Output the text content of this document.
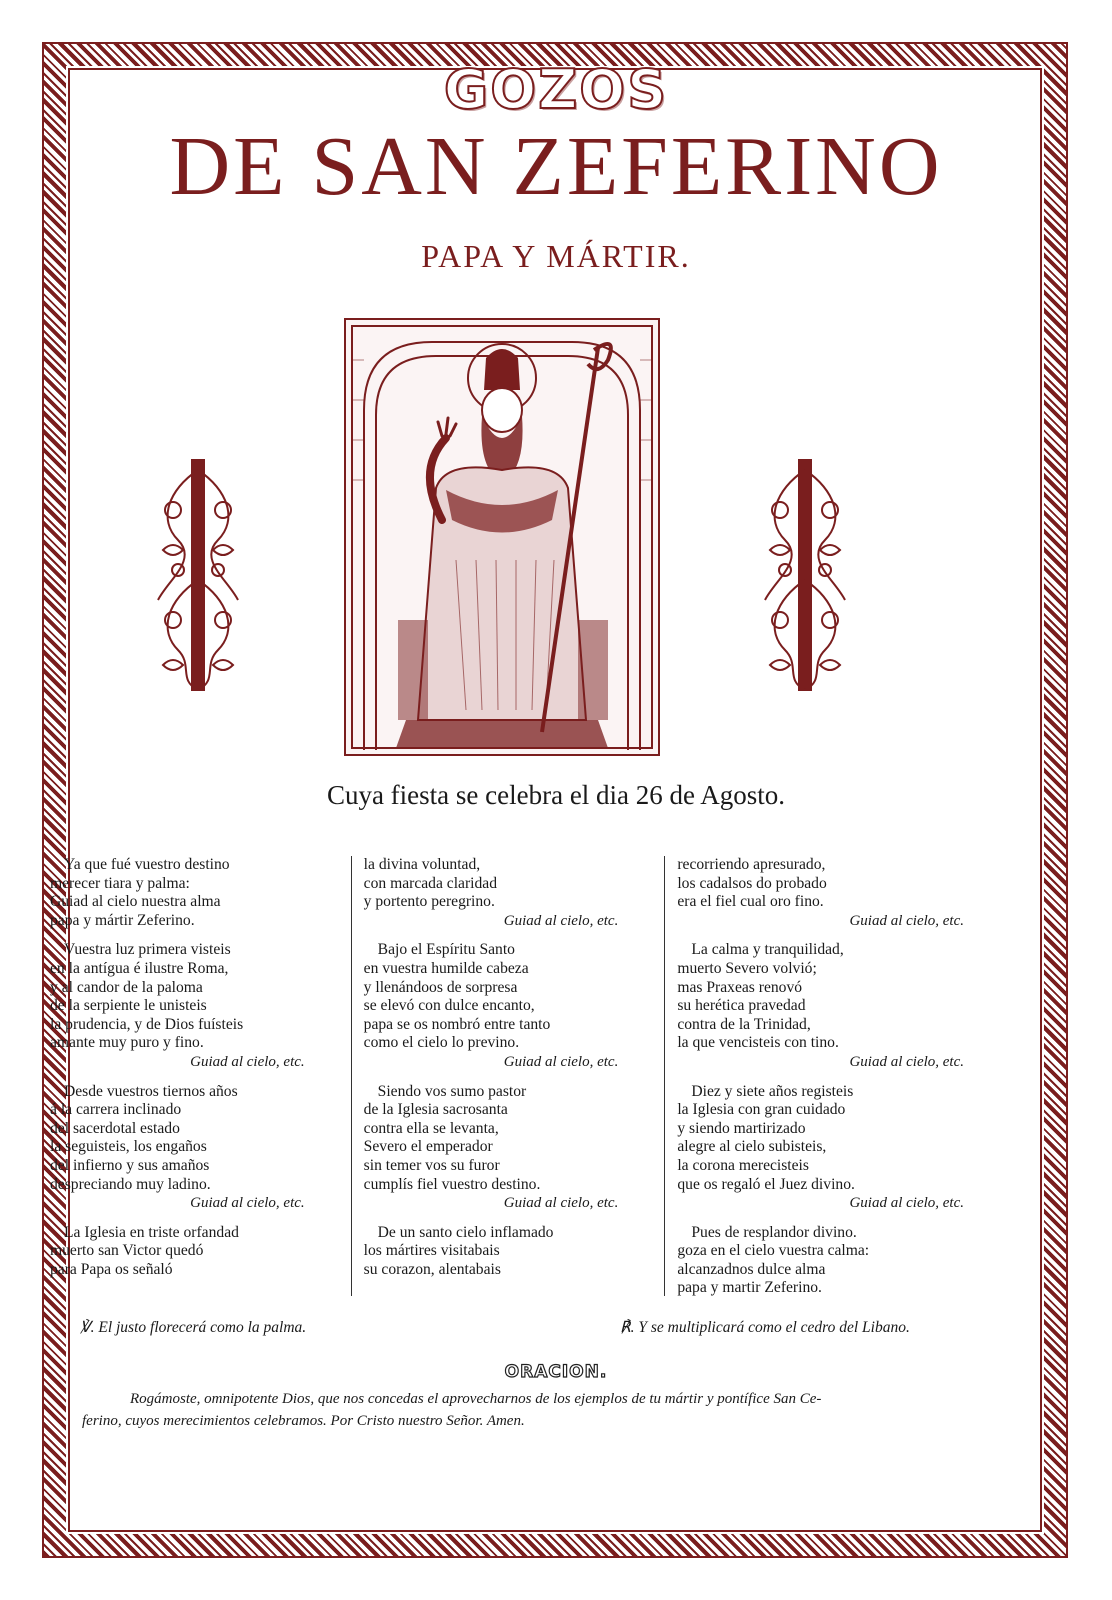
GOZOS
DE SAN ZEFERINO
PAPA Y MÁRTIR.
Cuya fiesta se celebra el dia 26 de Agosto.
Ya que fué vuestro destino
merecer tiara y palma:
Guiad al cielo nuestra alma
papa y mártir Zeferino.
Vuestra luz primera visteis
en la antígua é ilustre Roma,
y al candor de la paloma
de la serpiente le unisteis
la prudencia, y de Dios fuísteis
amante muy puro y fino.
Guiad al cielo, etc.
Desde vuestros tiernos años
á la carrera inclinado
del sacerdotal estado
la seguisteis, los engaños
del infierno y sus amaños
despreciando muy ladino.
Guiad al cielo, etc.
La Iglesia en triste orfandad
muerto san Victor quedó
para Papa os señaló
la divina voluntad,
con marcada claridad
y portento peregrino.
Guiad al cielo, etc.
Bajo el Espíritu Santo
en vuestra humilde cabeza
y llenándoos de sorpresa
se elevó con dulce encanto,
papa se os nombró entre tanto
como el cielo lo previno.
Guiad al cielo, etc.
Siendo vos sumo pastor
de la Iglesia sacrosanta
contra ella se levanta,
Severo el emperador
sin temer vos su furor
cumplís fiel vuestro destino.
Guiad al cielo, etc.
De un santo cielo inflamado
los mártires visitabais
su corazon, alentabais
recorriendo apresurado,
los cadalsos do probado
era el fiel cual oro fino.
Guiad al cielo, etc.
La calma y tranquilidad,
muerto Severo volvió;
mas Praxeas renovó
su herética pravedad
contra de la Trinidad,
la que vencisteis con tino.
Guiad al cielo, etc.
Diez y siete años registeis
la Iglesia con gran cuidado
y siendo martirizado
alegre al cielo subisteis,
la corona merecisteis
que os regaló el Juez divino.
Guiad al cielo, etc.
Pues de resplandor divino.
goza en el cielo vuestra calma:
alcanzadnos dulce alma
papa y martir Zeferino.
℣. El justo florecerá como la palma.	℟. Y se multiplicará como el cedro del Libano.
ORACION.
Rogámoste, omnipotente Dios, que nos concedas el aprovecharnos de los ejemplos de tu mártir y pontífice San Ce-
ferino, cuyos merecimientos celebramos. Por Cristo nuestro Señor. Amen.
